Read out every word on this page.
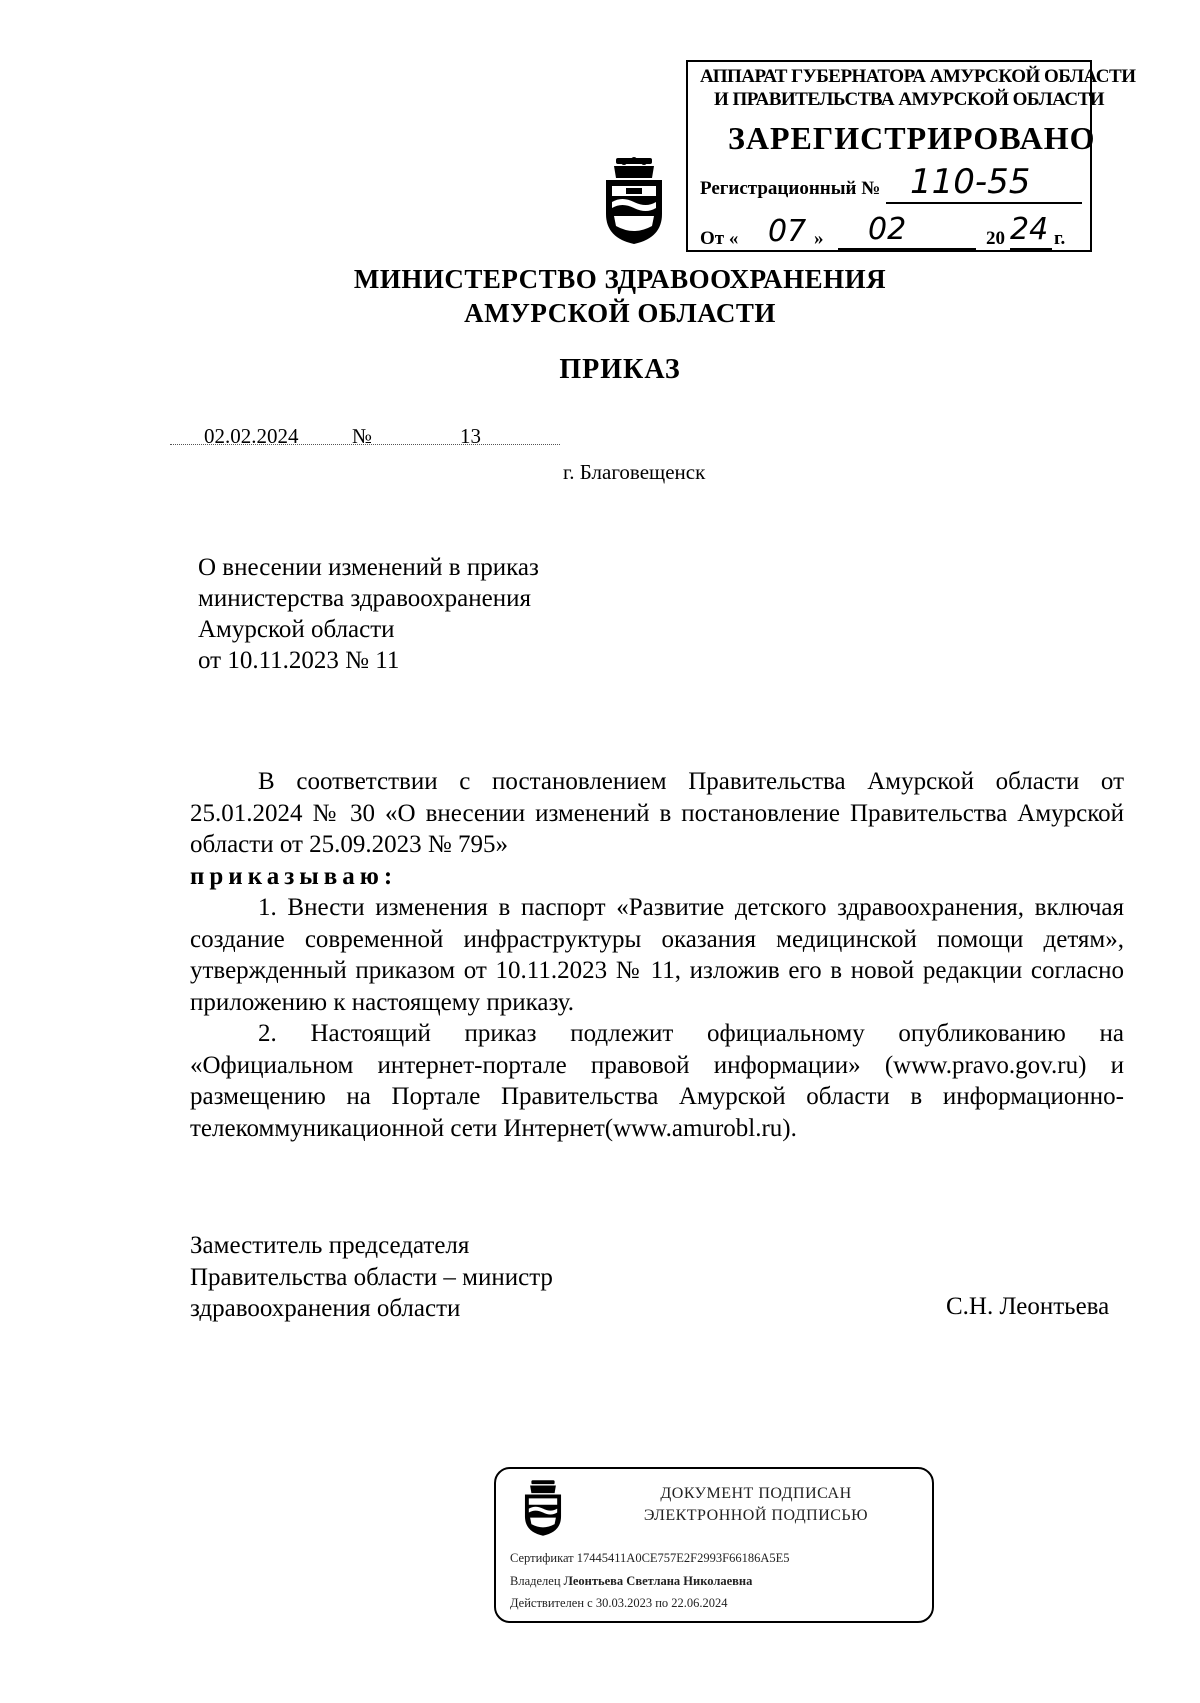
АППАРАТ ГУБЕРНАТОРА АМУРСКОЙ ОБЛАСТИ
И ПРАВИТЕЛЬСТВА АМУРСКОЙ ОБЛАСТИ
ЗАРЕГИСТРИРОВАНО
Регистрационный № 110-55
От « 07 » 02	20 24 г.
МИНИСТЕРСТВО ЗДРАВООХРАНЕНИЯ
АМУРСКОЙ ОБЛАСТИ
ПРИКАЗ
02.02.2024	№	13
г. Благовещенск
О внесении изменений в приказ
министерства здравоохранения
Амурской области
от 10.11.2023 № 11

В соответствии с постановлением Правительства Амурской области от 25.01.2024 № 30 «О внесении изменений в постановление Правительства Амурской области от 25.09.2023 № 795»

приказываю:

1. Внести изменения в паспорт «Развитие детского здравоохранения, включая создание современной инфраструктуры оказания медицинской помощи детям», утвержденный приказом от 10.11.2023 № 11, изложив его в новой редакции согласно приложению к настоящему приказу.

2. Настоящий приказ подлежит официальному опубликованию на «Официальном интернет-портале правовой информации» (www.pravo.gov.ru) и размещению на Портале Правительства Амурской области в информационно-телекоммуникационной сети Интернет(www.amurobl.ru).

Заместитель председателя
Правительства области – министр
здравоохранения области	С.Н. Леонтьева
ДОКУМЕНТ ПОДПИСАН
ЭЛЕКТРОННОЙ ПОДПИСЬЮ
Сертификат 17445411A0CE757E2F2993F66186A5E5
Владелец Леонтьева Светлана Николаевна
Действителен с 30.03.2023 по 22.06.2024
